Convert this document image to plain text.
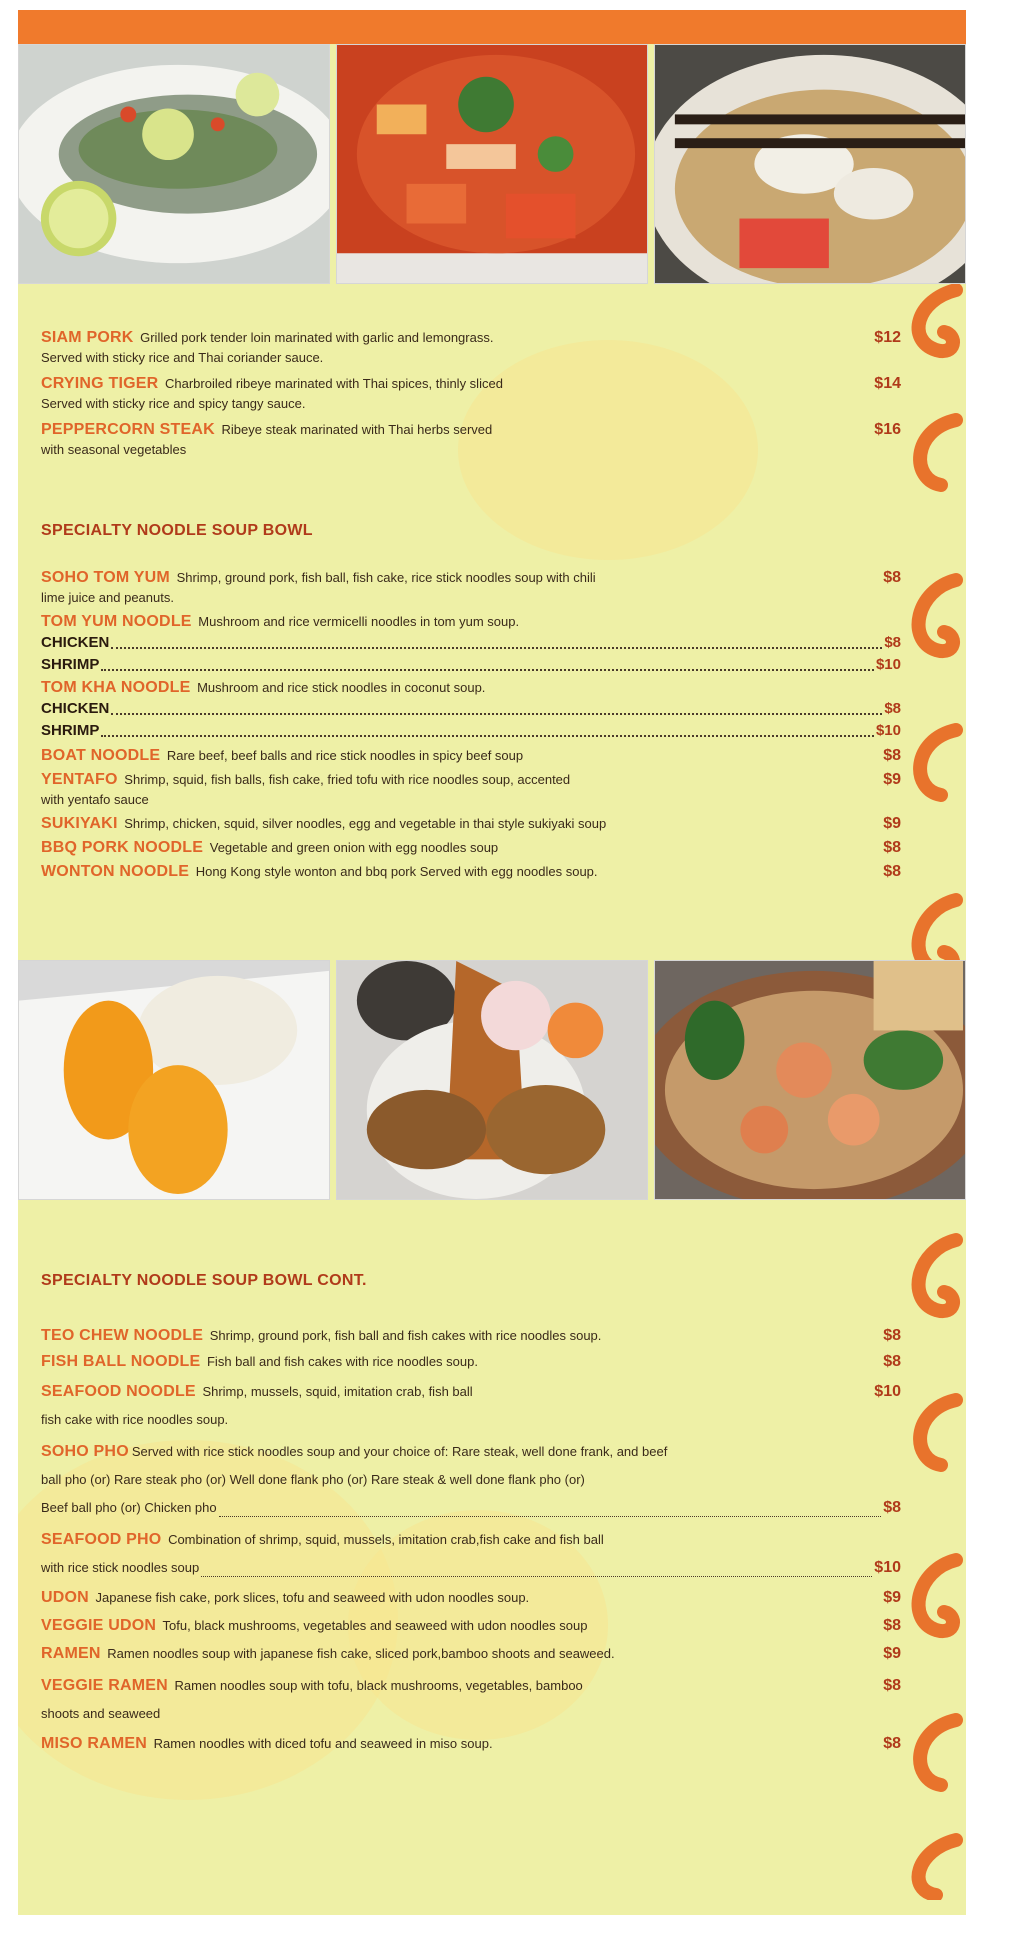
SIAM PORK Grilled pork tender loin marinated with garlic and lemongrass.
Served with sticky rice and Thai coriander sauce.
$12
CRYING TIGER Charbroiled ribeye marinated with Thai spices, thinly sliced
Served with sticky rice and spicy tangy sauce.
$14
PEPPERCORN STEAK Ribeye steak marinated with Thai herbs served
with seasonal vegetables
$16

SPECIALTY NOODLE SOUP BOWL

SOHO TOM YUM Shrimp, ground pork, fish ball, fish cake, rice stick noodles soup with chili
lime juice and peanuts.
$8
TOM YUM NOODLE Mushroom and rice vermicelli noodles in tom yum soup.
CHICKEN	$8
SHRIMP	$10
TOM KHA NOODLE Mushroom and rice stick noodles in coconut soup.
CHICKEN	$8
SHRIMP	$10
BOAT NOODLE Rare beef, beef balls and rice stick noodles in spicy beef soup	$8
YENTAFO Shrimp, squid, fish balls, fish cake, fried tofu with rice noodles soup, accented
with yentafo sauce
$9
SUKIYAKI Shrimp, chicken, squid, silver noodles, egg and vegetable in thai style sukiyaki soup	$9
BBQ PORK NOODLE Vegetable and green onion with egg noodles soup	$8
WONTON NOODLE Hong Kong style wonton and bbq pork Served with egg noodles soup.	$8

SPECIALTY NOODLE SOUP BOWL CONT.

TEO CHEW NOODLE Shrimp, ground pork, fish ball and fish cakes with rice noodles soup.	$8
FISH BALL NOODLE Fish ball and fish cakes with rice noodles soup.	$8
SEAFOOD NOODLE Shrimp, mussels, squid, imitation crab, fish ball
fish cake with rice noodles soup.
$10
SOHO PHO Served with rice stick noodles soup and your choice of: Rare steak, well done frank, and beef
ball pho (or) Rare steak pho (or) Well done flank pho (or) Rare steak & well done flank pho (or)
Beef ball pho (or) Chicken pho	$8
SEAFOOD PHO Combination of shrimp, squid, mussels, imitation crab,fish cake and fish ball
with rice stick noodles soup	$10
UDON Japanese fish cake, pork slices, tofu and seaweed with udon noodles soup.	$9
VEGGIE UDON Tofu, black mushrooms, vegetables and seaweed with udon noodles soup	$8
RAMEN Ramen noodles soup with japanese fish cake, sliced pork,bamboo shoots and seaweed.	$9
VEGGIE RAMEN Ramen noodles soup with tofu, black mushrooms, vegetables, bamboo
shoots and seaweed
$8
MISO RAMEN Ramen noodles with diced tofu and seaweed in miso soup.	$8
